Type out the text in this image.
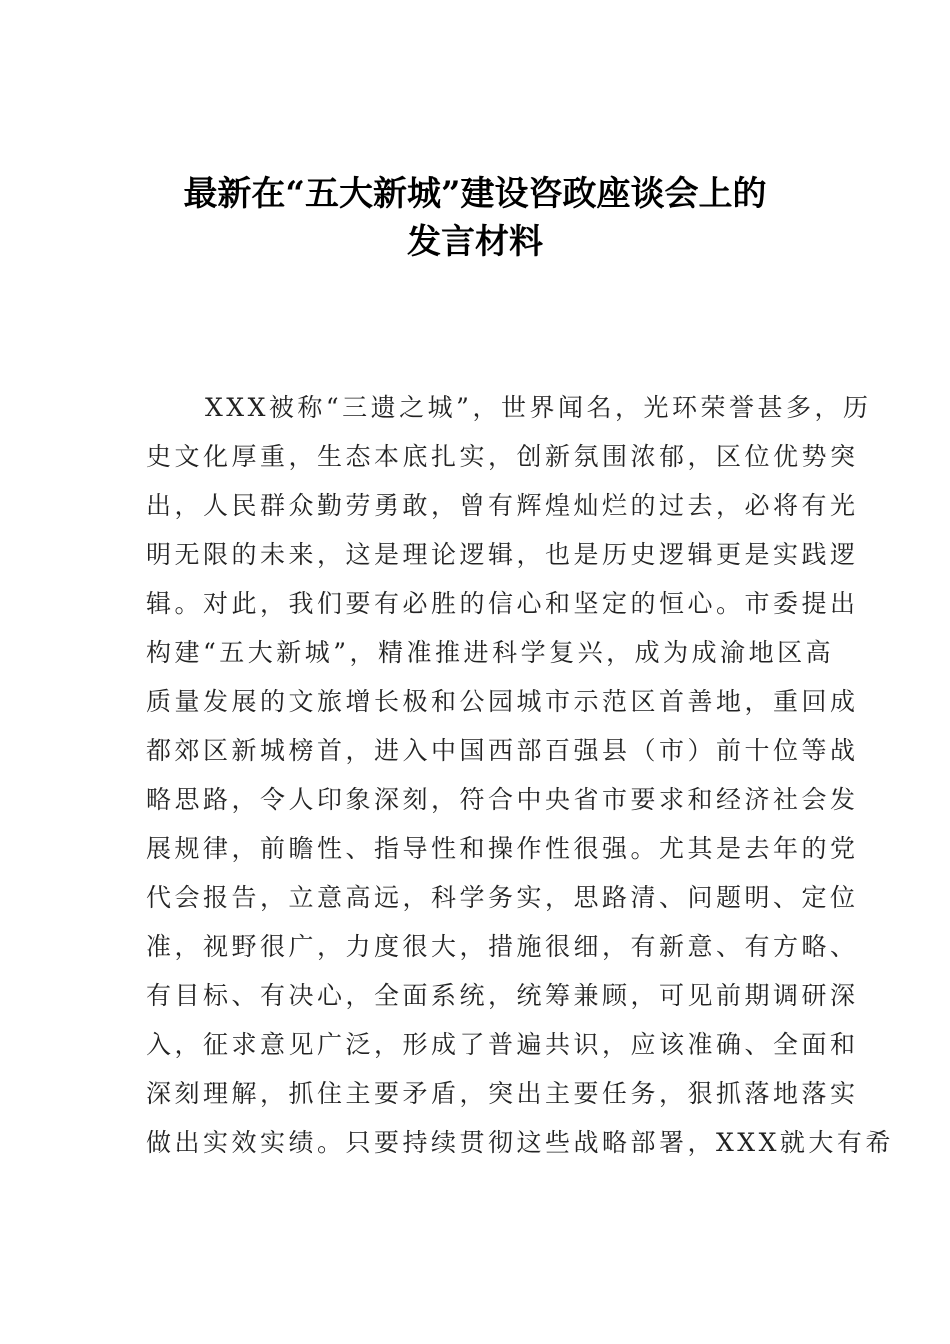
最新在“五大新城”建设咨政座谈会上的
发言材料
XXX被称“三遗之城”，世界闻名，光环荣誉甚多，历
史文化厚重，生态本底扎实，创新氛围浓郁，区位优势突
出，人民群众勤劳勇敢，曾有辉煌灿烂的过去，必将有光
明无限的未来，这是理论逻辑，也是历史逻辑更是实践逻
辑。对此，我们要有必胜的信心和坚定的恒心。市委提出
构建“五大新城”，精准推进科学复兴，成为成渝地区高
质量发展的文旅增长极和公园城市示范区首善地，重回成
都郊区新城榜首，进入中国西部百强县（市）前十位等战
略思路，令人印象深刻，符合中央省市要求和经济社会发
展规律，前瞻性、指导性和操作性很强。尤其是去年的党
代会报告，立意高远，科学务实，思路清、问题明、定位
准，视野很广，力度很大，措施很细，有新意、有方略、
有目标、有决心，全面系统，统筹兼顾，可见前期调研深
入，征求意见广泛，形成了普遍共识，应该准确、全面和
深刻理解，抓住主要矛盾，突出主要任务，狠抓落地落实
做出实效实绩。只要持续贯彻这些战略部署，XXX就大有希
